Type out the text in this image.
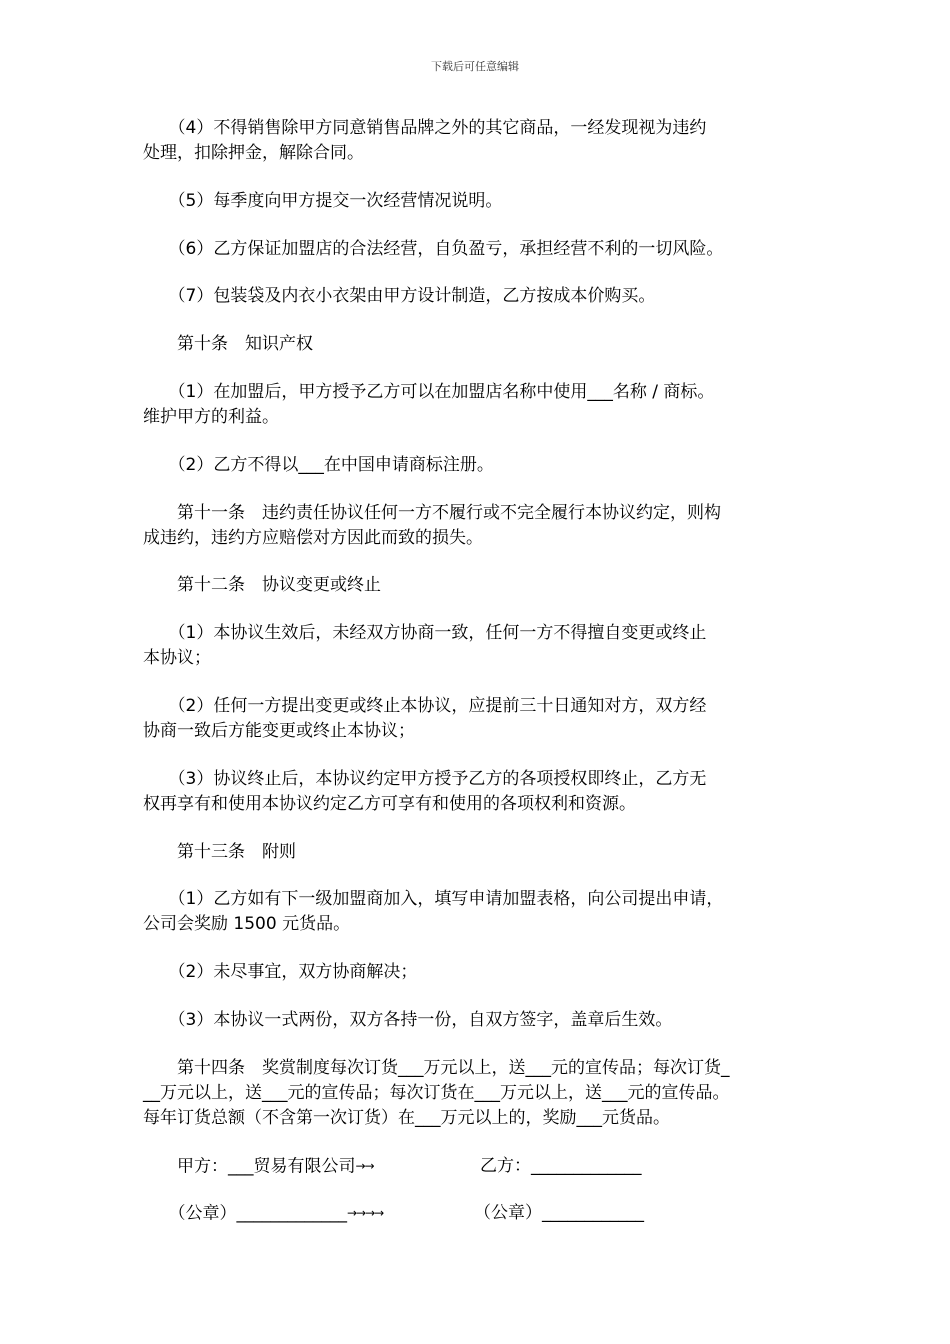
下载后可任意编辑
　　（4）不得销售除甲方同意销售品牌之外的其它商品，一经发现视为违约
处理，扣除押金，解除合同。
　　（5）每季度向甲方提交一次经营情况说明。
　　（6）乙方保证加盟店的合法经营，自负盈亏，承担经营不利的一切风险。
　　（7）包装袋及内衣小衣架由甲方设计制造，乙方按成本价购买。
　　第十条　知识产权
　　（1）在加盟后，甲方授予乙方可以在加盟店名称中使用___名称 / 商标。
维护甲方的利益。
　　（2）乙方不得以___在中国申请商标注册。
　　第十一条　违约责任协议任何一方不履行或不完全履行本协议约定，则构
成违约，违约方应赔偿对方因此而致的损失。
　　第十二条　协议变更或终止
　　（1）本协议生效后，未经双方协商一致，任何一方不得擅自变更或终止
本协议；
　　（2）任何一方提出变更或终止本协议，应提前三十日通知对方，双方经
协商一致后方能变更或终止本协议；
　　（3）协议终止后，本协议约定甲方授予乙方的各项授权即终止，乙方无
权再享有和使用本协议约定乙方可享有和使用的各项权利和资源。
　　第十三条　附则
　　（1）乙方如有下一级加盟商加入，填写申请加盟表格，向公司提出申请，
公司会奖励 1500 元货品。
　　（2）未尽事宜，双方协商解决；
　　（3）本协议一式两份，双方各持一份，自双方签字，盖章后生效。
　　第十四条　奖赏制度每次订货___万元以上，送___元的宣传品；每次订货_
__万元以上，送___元的宣传品；每次订货在___万元以上，送___元的宣传品。
每年订货总额（不含第一次订货）在___万元以上的，奖励___元货品。
　　甲方：___贸易有限公司→→	乙方：_____________
　　（公章）_____________→→→→	（公章）____________
